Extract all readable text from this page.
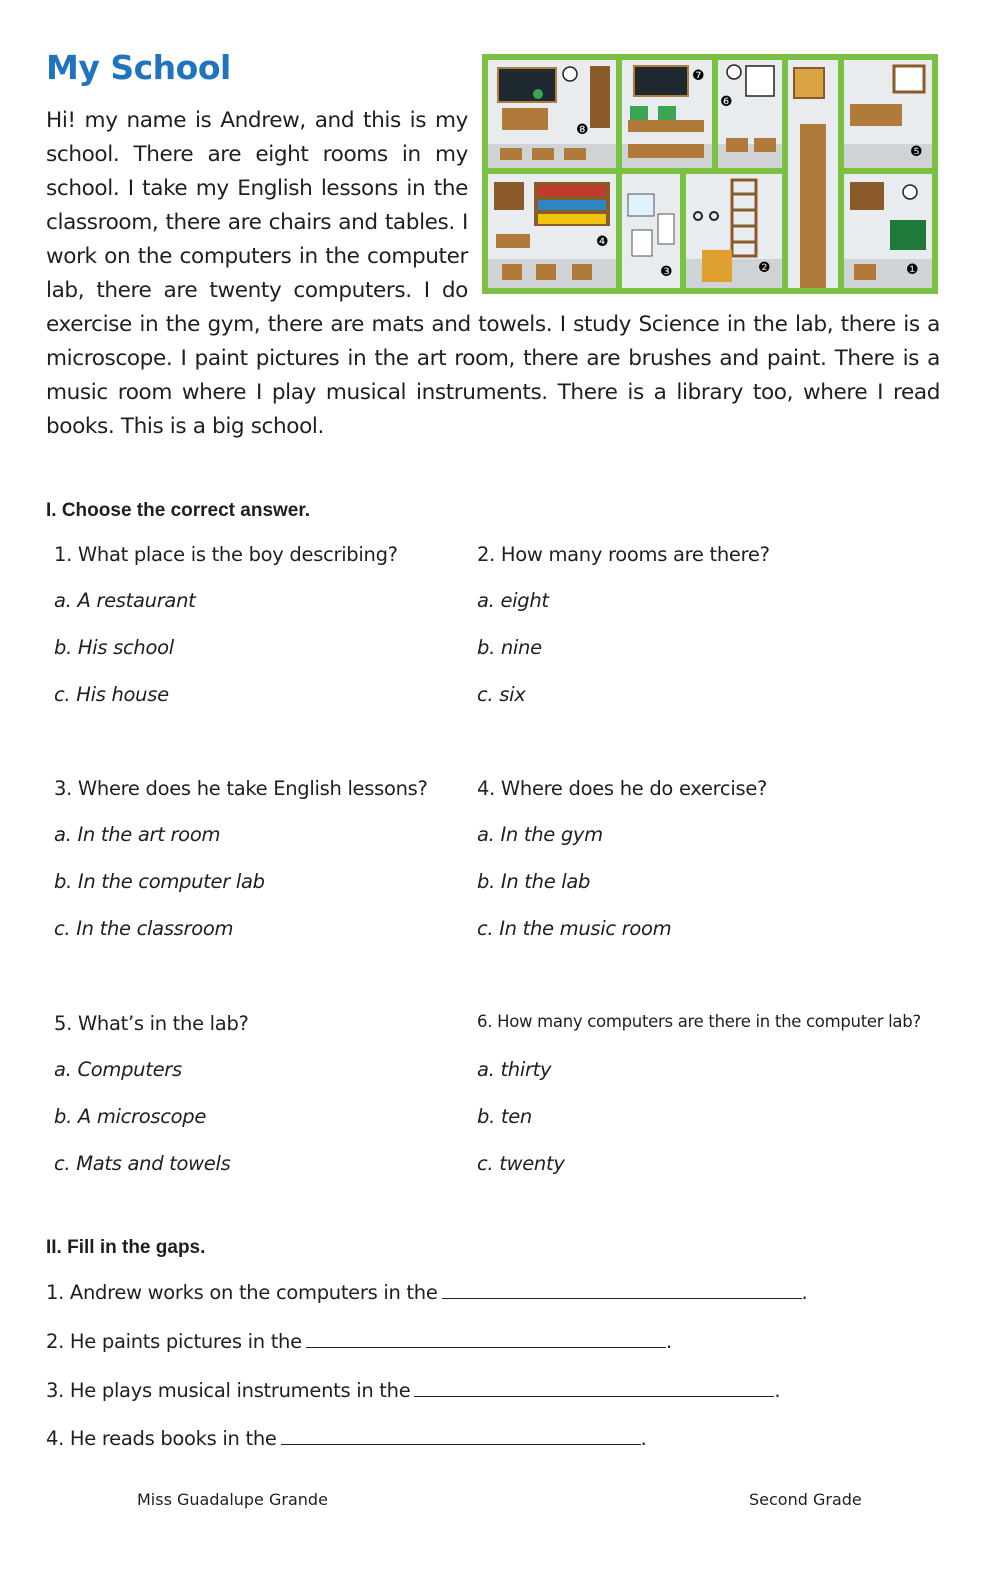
My School
❽
❼
❻
❺
❹
❸	❷	❶

Hi! my name is Andrew, and this is my school. There are eight rooms in my school. I take my English lessons in the classroom, there are chairs and tables. I work on the computers in the computer lab, there are twenty computers. I do exercise in the gym, there are mats and towels. I study Science in the lab, there is a microscope. I paint pictures in the art room, there are brushes and paint. There is a music room where I play musical instruments. There is a library too, where I read books. This is a big school.

I. Choose the correct answer.

1. What place is the boy describing?

a. A restaurant

b. His school

c. His house

2. How many rooms are there?

a. eight

b. nine

c. six

3. Where does he take English lessons?

a. In the art room

b. In the computer lab

c. In the classroom

4. Where does he do exercise?

a. In the gym

b. In the lab

c. In the music room

5. What’s in the lab?

a. Computers

b. A microscope

c. Mats and towels

6. How many computers are there in the computer lab?

a. thirty

b. ten

c. twenty

II. Fill in the gaps.

1. Andrew works on the computers in the	.

2. He paints pictures in the	.

3. He plays musical instruments in the	.

4. He reads books in the	.

Miss Guadalupe Grande	Second Grade
